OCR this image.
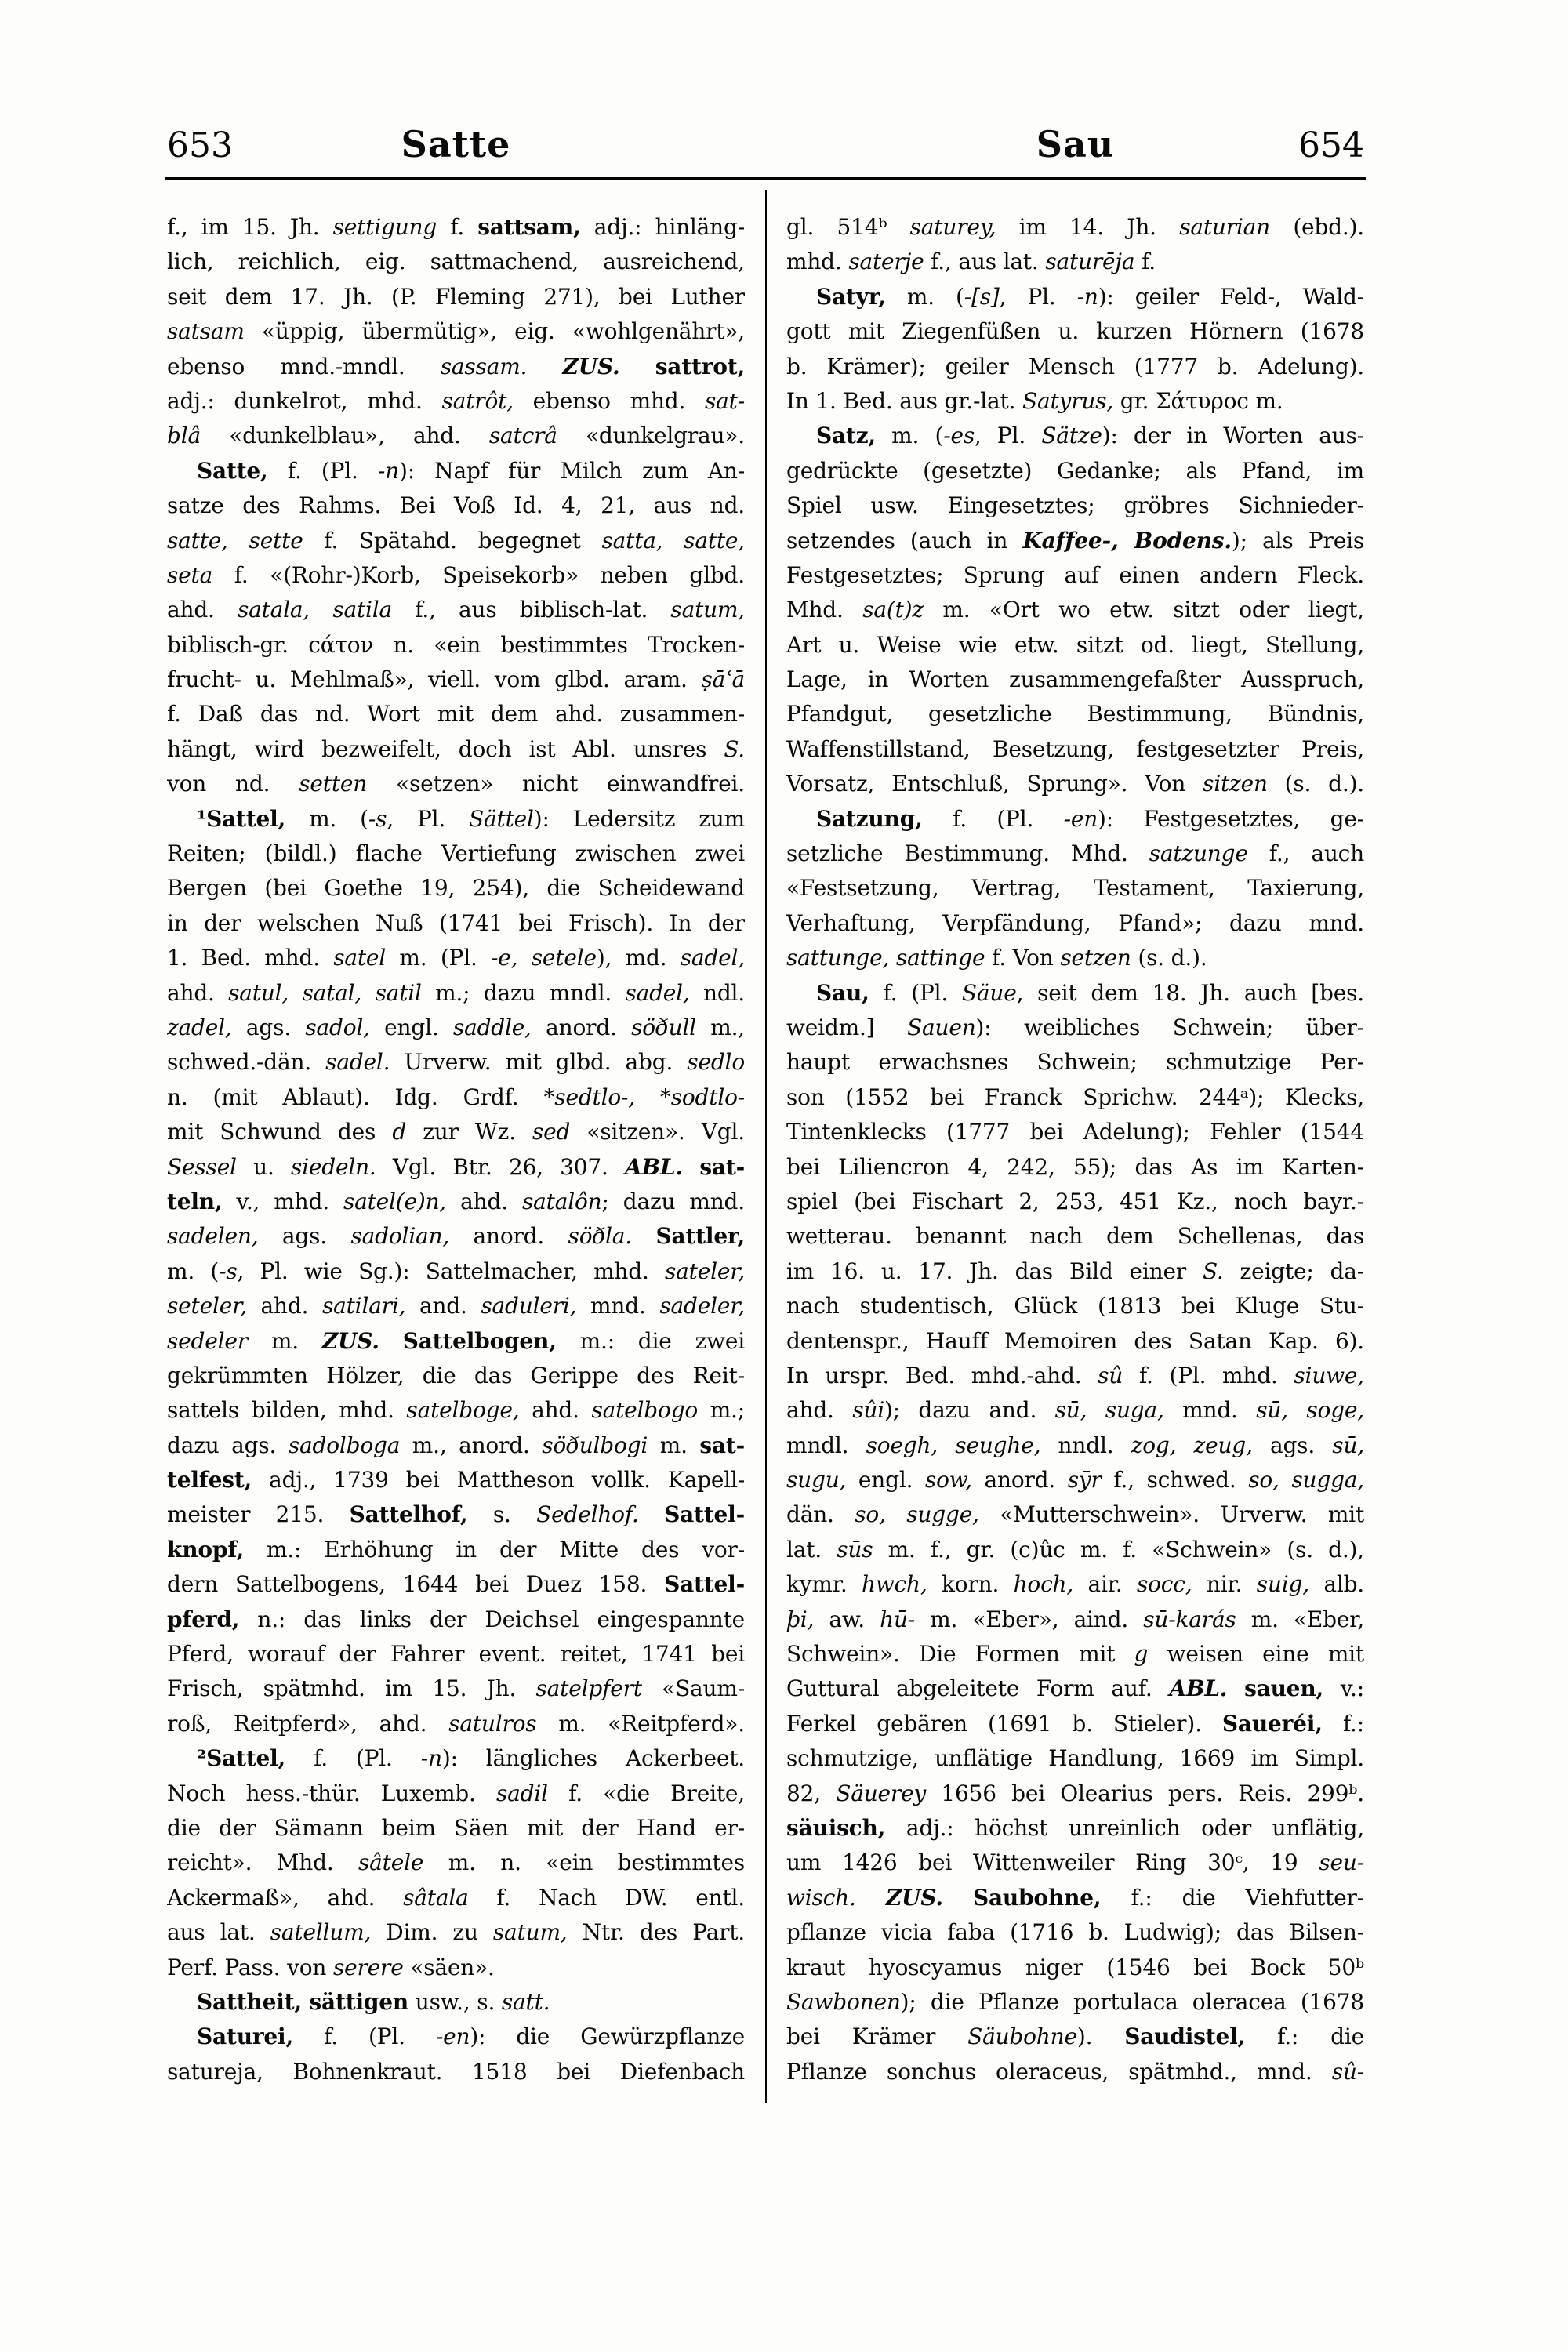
653	Satte	Sau	654
f., im 15. Jh. settigung f. sattsam, adj.: hinläng-
lich, reichlich, eig. sattmachend, ausreichend,
seit dem 17. Jh. (P. Fleming 271), bei Luther
satsam «üppig, übermütig», eig. «wohlgenährt»,
ebenso mnd.-mndl. sassam. ZUS. sattrot,
adj.: dunkelrot, mhd. satrôt, ebenso mhd. sat-
blâ «dunkelblau», ahd. satcrâ «dunkelgrau».
Satte, f. (Pl. -n): Napf für Milch zum An-
satze des Rahms. Bei Voß Id. 4, 21, aus nd.
satte, sette f. Spätahd. begegnet satta, satte,
seta f. «(Rohr-)Korb, Speisekorb» neben glbd.
ahd. satala, satila f., aus biblisch-lat. satum,
biblisch-gr. cάτον n. «ein bestimmtes Trocken-
frucht- u. Mehlmaß», viell. vom glbd. aram. ṣāʿā
f. Daß das nd. Wort mit dem ahd. zusammen-
hängt, wird bezweifelt, doch ist Abl. unsres S.
von nd. setten «setzen» nicht einwandfrei.
¹Sattel, m. (-s, Pl. Sättel): Ledersitz zum
Reiten; (bildl.) flache Vertiefung zwischen zwei
Bergen (bei Goethe 19, 254), die Scheidewand
in der welschen Nuß (1741 bei Frisch). In der
1. Bed. mhd. satel m. (Pl. -e, setele), md. sadel,
ahd. satul, satal, satil m.; dazu mndl. sadel, ndl.
zadel, ags. sadol, engl. saddle, anord. söðull m.,
schwed.-dän. sadel. Urverw. mit glbd. abg. sedlo
n. (mit Ablaut). Idg. Grdf. *sedtlo-, *sodtlo-
mit Schwund des d zur Wz. sed «sitzen». Vgl.
Sessel u. siedeln. Vgl. Btr. 26, 307. ABL. sat-
teln, v., mhd. satel(e)n, ahd. satalôn; dazu mnd.
sadelen, ags. sadolian, anord. söðla. Sattler,
m. (-s, Pl. wie Sg.): Sattelmacher, mhd. sateler,
seteler, ahd. satilari, and. saduleri, mnd. sadeler,
sedeler m. ZUS. Sattelbogen, m.: die zwei
gekrümmten Hölzer, die das Gerippe des Reit-
sattels bilden, mhd. satelboge, ahd. satelbogo m.;
dazu ags. sadolboga m., anord. söðulbogi m. sat-
telfest, adj., 1739 bei Mattheson vollk. Kapell-
meister 215. Sattelhof, s. Sedelhof. Sattel-
knopf, m.: Erhöhung in der Mitte des vor-
dern Sattelbogens, 1644 bei Duez 158. Sattel-
pferd, n.: das links der Deichsel eingespannte
Pferd, worauf der Fahrer event. reitet, 1741 bei
Frisch, spätmhd. im 15. Jh. satelpfert «Saum-
roß, Reitpferd», ahd. satulros m. «Reitpferd».
²Sattel, f. (Pl. -n): längliches Ackerbeet.
Noch hess.-thür. Luxemb. sadil f. «die Breite,
die der Sämann beim Säen mit der Hand er-
reicht». Mhd. sâtele m. n. «ein bestimmtes
Ackermaß», ahd. sâtala f. Nach DW. entl.
aus lat. satellum, Dim. zu satum, Ntr. des Part.
Perf. Pass. von serere «säen».
Sattheit, sättigen usw., s. satt.
Saturei, f. (Pl. -en): die Gewürzpflanze
satureja, Bohnenkraut. 1518 bei Diefenbach
gl. 514ᵇ saturey, im 14. Jh. saturian (ebd.).
mhd. saterje f., aus lat. saturēja f.
Satyr, m. (-[s], Pl. -n): geiler Feld-, Wald-
gott mit Ziegenfüßen u. kurzen Hörnern (1678
b. Krämer); geiler Mensch (1777 b. Adelung).
In 1. Bed. aus gr.-lat. Satyrus, gr. Σάτυροc m.
Satz, m. (-es, Pl. Sätze): der in Worten aus-
gedrückte (gesetzte) Gedanke; als Pfand, im
Spiel usw. Eingesetztes; gröbres Sichnieder-
setzendes (auch in Kaffee-, Bodens.); als Preis
Festgesetztes; Sprung auf einen andern Fleck.
Mhd. sa(t)z m. «Ort wo etw. sitzt oder liegt,
Art u. Weise wie etw. sitzt od. liegt, Stellung,
Lage, in Worten zusammengefaßter Ausspruch,
Pfandgut, gesetzliche Bestimmung, Bündnis,
Waffenstillstand, Besetzung, festgesetzter Preis,
Vorsatz, Entschluß, Sprung». Von sitzen (s. d.).
Satzung, f. (Pl. -en): Festgesetztes, ge-
setzliche Bestimmung. Mhd. satzunge f., auch
«Festsetzung, Vertrag, Testament, Taxierung,
Verhaftung, Verpfändung, Pfand»; dazu mnd.
sattunge, sattinge f. Von setzen (s. d.).
Sau, f. (Pl. Säue, seit dem 18. Jh. auch [bes.
weidm.] Sauen): weibliches Schwein; über-
haupt erwachsnes Schwein; schmutzige Per-
son (1552 bei Franck Sprichw. 244ᵃ); Klecks,
Tintenklecks (1777 bei Adelung); Fehler (1544
bei Liliencron 4, 242, 55); das As im Karten-
spiel (bei Fischart 2, 253, 451 Kz., noch bayr.-
wetterau. benannt nach dem Schellenas, das
im 16. u. 17. Jh. das Bild einer S. zeigte; da-
nach studentisch, Glück (1813 bei Kluge Stu-
dentenspr., Hauff Memoiren des Satan Kap. 6).
In urspr. Bed. mhd.-ahd. sû f. (Pl. mhd. siuwe,
ahd. sûi); dazu and. sū, suga, mnd. sū, soge,
mndl. soegh, seughe, nndl. zog, zeug, ags. sū,
sugu, engl. sow, anord. sȳr f., schwed. so, sugga,
dän. so, sugge, «Mutterschwein». Urverw. mit
lat. sūs m. f., gr. (c)ûc m. f. «Schwein» (s. d.),
kymr. hwch, korn. hoch, air. socc, nir. suig, alb.
þi, aw. hū- m. «Eber», aind. sū-karás m. «Eber,
Schwein». Die Formen mit g weisen eine mit
Guttural abgeleitete Form auf. ABL. sauen, v.:
Ferkel gebären (1691 b. Stieler). Saueréi, f.:
schmutzige, unflätige Handlung, 1669 im Simpl.
82, Säuerey 1656 bei Olearius pers. Reis. 299ᵇ.
säuisch, adj.: höchst unreinlich oder unflätig,
um 1426 bei Wittenweiler Ring 30ᶜ, 19 seu-
wisch. ZUS. Saubohne, f.: die Viehfutter-
pflanze vicia faba (1716 b. Ludwig); das Bilsen-
kraut hyoscyamus niger (1546 bei Bock 50ᵇ
Sawbonen); die Pflanze portulaca oleracea (1678
bei Krämer Säubohne). Saudistel, f.: die
Pflanze sonchus oleraceus, spätmhd., mnd. sû-
